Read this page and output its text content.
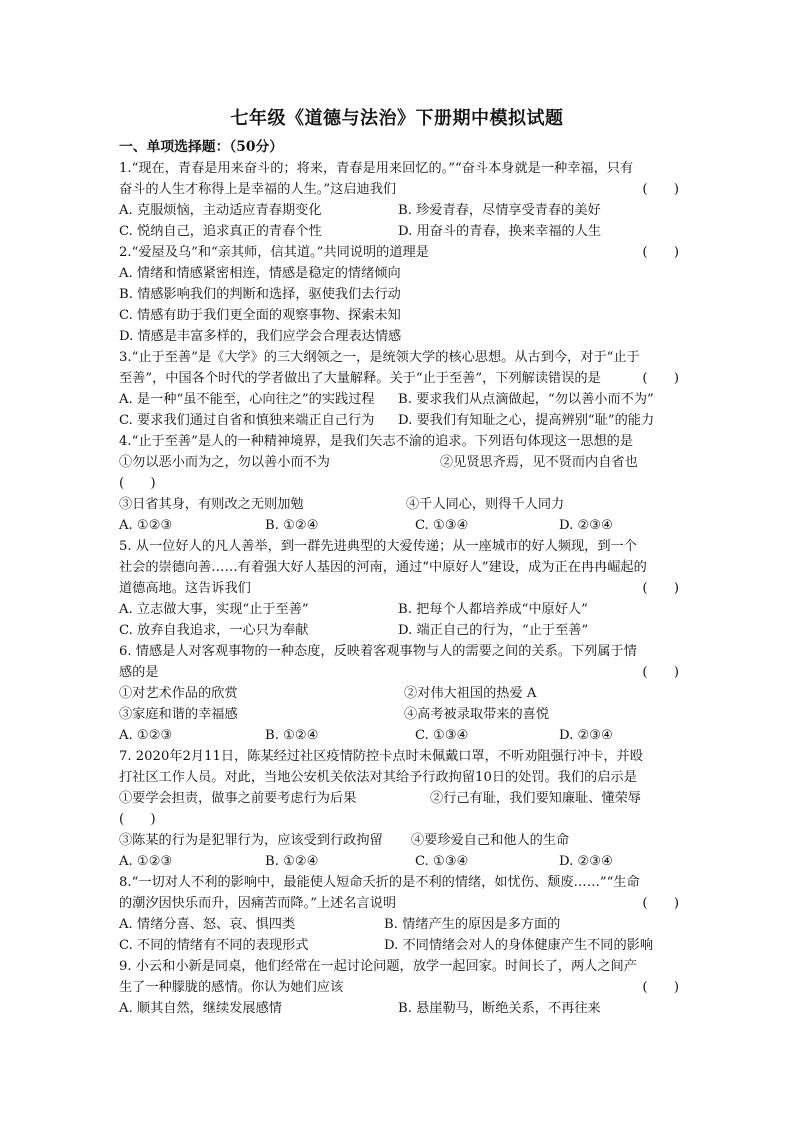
七年级《道德与法治》下册期中模拟试题
一、单项选择题：（50分）
1.“现在，青春是用来奋斗的；将来，青春是用来回忆的。”“奋斗本身就是一种幸福，只有
奋斗的人生才称得上是幸福的人生。”这启迪我们	(　　)
A. 克服烦恼，主动适应青春期变化	B. 珍爱青春，尽情享受青春的美好
C. 悦纳自己，追求真正的青春个性	D. 用奋斗的青春，换来幸福的人生
2.“爱屋及乌”和“亲其师，信其道。”共同说明的道理是	(　　)
A. 情绪和情感紧密相连，情感是稳定的情绪倾向
B. 情感影响我们的判断和选择，驱使我们去行动
C. 情感有助于我们更全面的观察事物、探索未知
D. 情感是丰富多样的，我们应学会合理表达情感
3.“止于至善”是《大学》的三大纲领之一，是统领大学的核心思想。从古到今，对于“止于
至善”，中国各个时代的学者做出了大量解释。关于“止于至善”，下列解读错误的是	(　　)
A. 是一种“虽不能至，心向往之”的实践过程 B. 要求我们从点滴做起，“勿以善小而不为”
C. 要求我们通过自省和慎独来端正自己行为 D. 要我们有知耻之心，提高辨别“耻”的能力
4.“止于至善”是人的一种精神境界，是我们矢志不渝的追求。下列语句体现这一思想的是
①勿以恶小而为之，勿以善小而不为	②见贤思齐焉，见不贤而内自省也
(　　)
③日省其身，有则改之无则加勉	④千人同心，则得千人同力
A. ①②③	B. ①②④	C. ①③④	D. ②③④
5. 从一位好人的凡人善举，到一群先进典型的大爱传递；从一座城市的好人频现，到一个
社会的崇德向善……有着强大好人基因的河南，通过“中原好人”建设，成为正在冉冉崛起的
道德高地。这告诉我们	(　　)
A. 立志做大事，实现“止于至善”	B. 把每个人都培养成“中原好人”
C. 放弃自我追求，一心只为奉献	D. 端正自己的行为，“止于至善”
6. 情感是人对客观事物的一种态度，反映着客观事物与人的需要之间的关系。下列属于情
感的是	(　　)
①对艺术作品的欣赏	②对伟大祖国的热爱 A
③家庭和谐的幸福感	④高考被录取带来的喜悦
A. ①②③	B. ①②④	C. ①③④	D. ②③④
7. 2020年2月11日，陈某经过社区疫情防控卡点时未佩戴口罩，不听劝阻强行冲卡，并殴
打社区工作人员。对此，当地公安机关依法对其给予行政拘留10日的处罚。我们的启示是
①要学会担责，做事之前要考虑行为后果	②行己有耻，我们要知廉耻、懂荣辱
(　　)
③陈某的行为是犯罪行为，应该受到行政拘留 ④要珍爱自己和他人的生命
A. ①②③	B. ①②④	C. ①③④	D. ②③④
8.“一切对人不利的影响中，最能使人短命夭折的是不利的情绪，如忧伤、颓废……”“生命
的潮汐因快乐而升，因痛苦而降。”上述名言说明	(　　)
A. 情绪分喜、怒、哀、惧四类	B. 情绪产生的原因是多方面的
C. 不同的情绪有不同的表现形式	D. 不同情绪会对人的身体健康产生不同的影响
9. 小云和小新是同桌，他们经常在一起讨论问题，放学一起回家。时间长了，两人之间产
生了一种朦胧的感情。你认为她们应该	(　　)
A. 顺其自然，继续发展感情	B. 悬崖勒马，断绝关系，不再往来
